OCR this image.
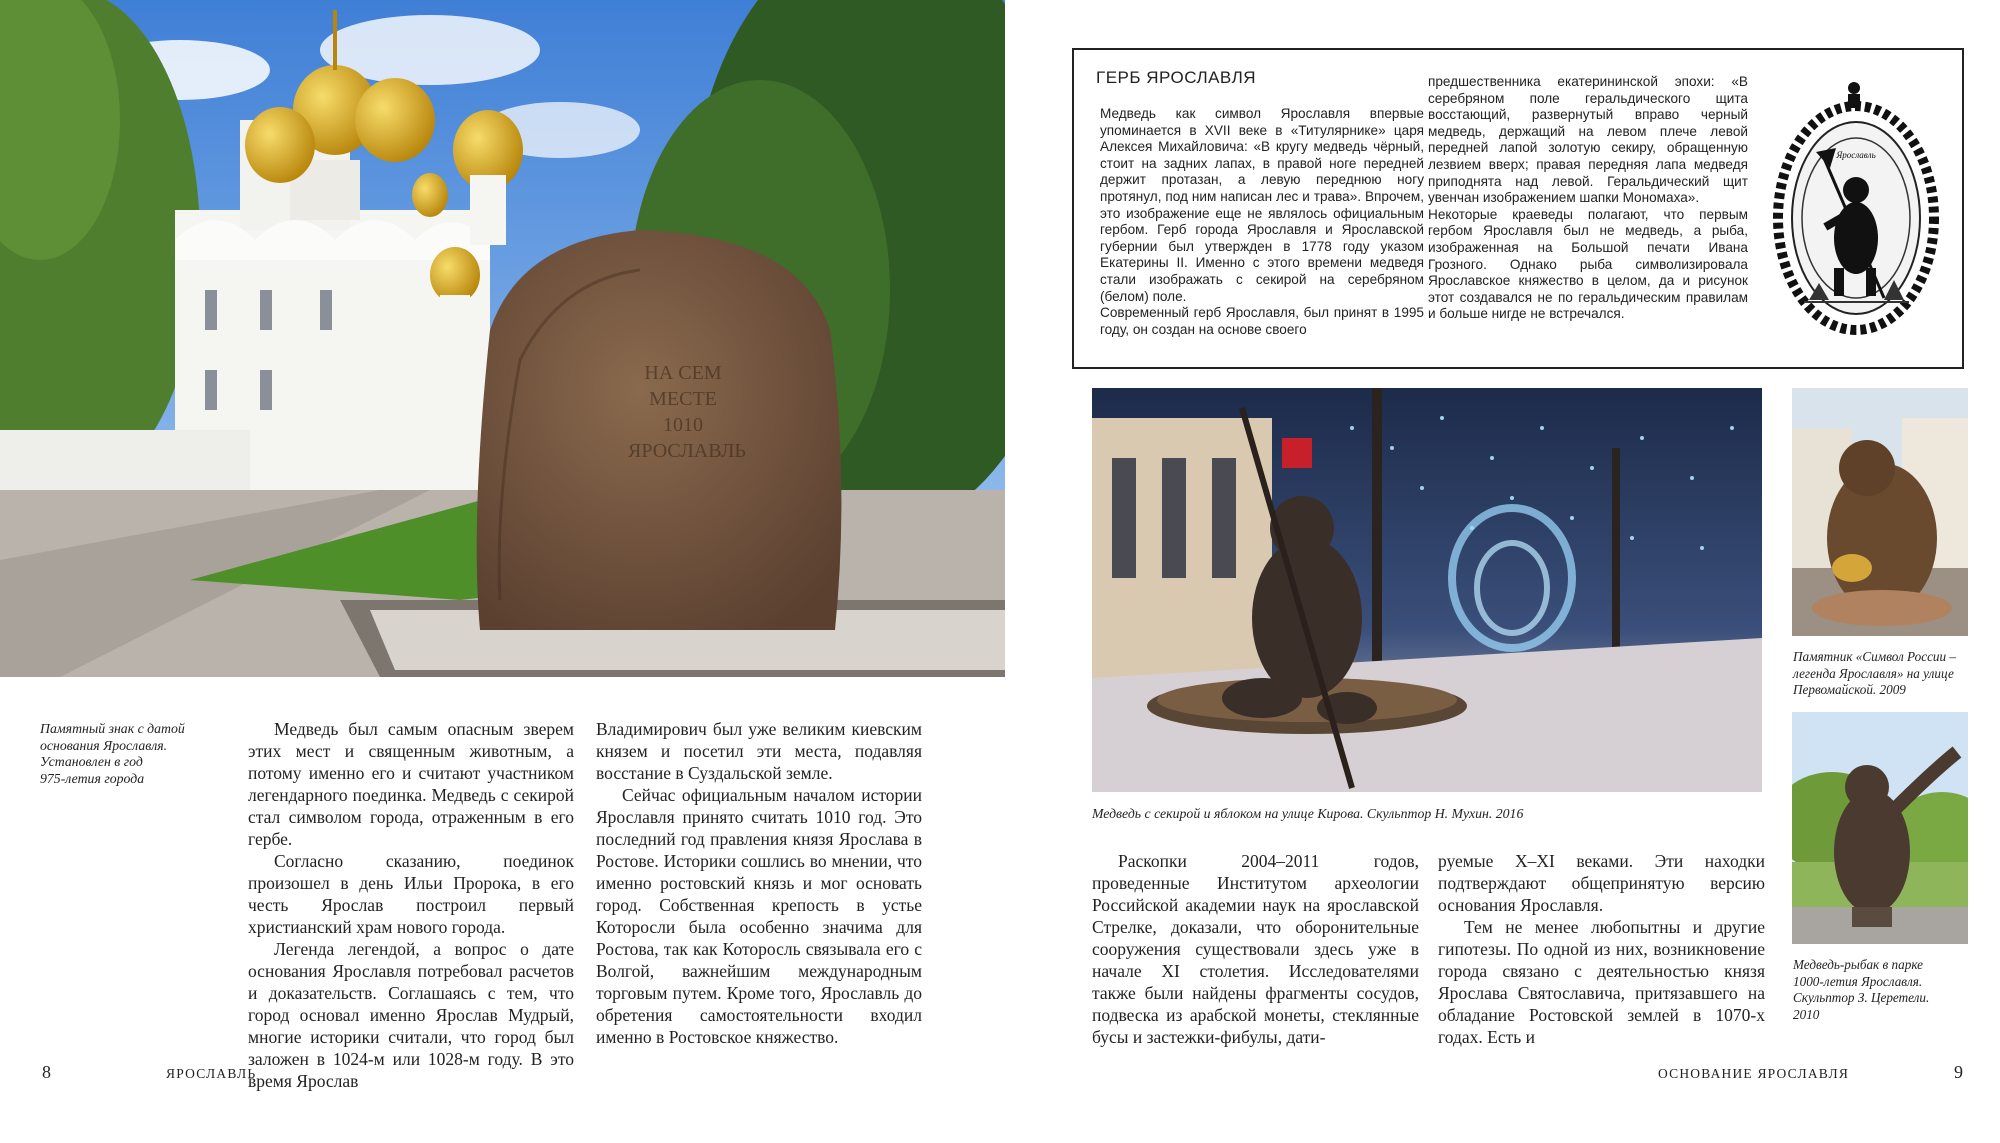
НА СЕМ МЕСТЕ 1010 ЯРОСЛАВЛЬ
Памятный знак с датой
основания Ярославля.
Установлен в год
975-летия города

Медведь был самым опасным зверем этих мест и священным животным, а потому именно его и считают участником легендарного поединка. Медведь с секирой стал символом города, отраженным в его гербе.

Согласно сказанию, поединок произошел в день Ильи Пророка, в его честь Ярослав построил первый христианский храм нового города.

Легенда легендой, а вопрос о дате основания Ярославля потребовал расчетов и доказательств. Соглашаясь с тем, что город основал именно Ярослав Мудрый, многие историки считали, что город был заложен в 1024-м или 1028-м году. В это время Ярослав

Владимирович был уже великим киевским князем и посетил эти места, подавляя восстание в Суздальской земле.

Сейчас официальным началом истории Ярославля принято считать 1010 год. Это последний год правления князя Ярослава в Ростове. Историки сошлись во мнении, что именно ростовский князь и мог основать город. Собственная крепость в устье Которосли была особенно значима для Ростова, так как Которосль связывала его с Волгой, важнейшим международным торговым путем. Кроме того, Ярославль до обретения самостоятельности входил именно в Ростовское княжество.

8	ЯРОСЛАВЛЬ
ГЕРБ ЯРОСЛАВЛЯ

Медведь как символ Ярославля впервые упоминается в XVII веке в «Титулярнике» царя Алексея Михайловича: «В кругу медведь чёрный, стоит на задних лапах, в правой ноге передней держит протазан, а левую переднюю ногу протянул, под ним написан лес и трава». Впрочем, это изображение еще не являлось официальным гербом. Герб города Ярославля и Ярославской губернии был утвержден в 1778 году указом Екатерины II. Именно с этого времени медведя стали изображать с секирой на серебряном (белом) поле.

Современный герб Ярославля, был принят в 1995 году, он создан на основе своего

предшественника екатерининской эпохи: «В серебряном поле геральдического щита восстающий, развернутый вправо черный медведь, держащий на левом плече левой передней лапой золотую секиру, обращенную лезвием вверх; правая передняя лапа медведя приподнята над левой. Геральдический щит увенчан изображением шапки Мономаха».

Некоторые краеведы полагают, что первым гербом Ярославля был не медведь, а рыба, изображенная на Большой печати Ивана Грозного. Однако рыба символизировала Ярославское княжество в целом, да и рисунок этот создавался не по геральдическим правилам и больше нигде не встречался.

Ярославль
Медведь с секирой и яблоком на улице Кирова. Скульптор Н. Мухин. 2016
Памятник «Символ России –
легенда Ярославля» на улице
Первомайской. 2009
Медведь-рыбак в парке
1000-летия Ярославля.
Скульптор З. Церетели.
2010

Раскопки 2004–2011 годов, проведенные Институтом археологии Российской академии наук на ярославской Стрелке, доказали, что оборонительные сооружения существовали здесь уже в начале XI столетия. Исследователями также были найдены фрагменты сосудов, подвеска из арабской монеты, стеклянные бусы и застежки-фибулы, дати-

руемые X–XI веками. Эти находки подтверждают общепринятую версию основания Ярославля.

Тем не менее любопытны и другие гипотезы. По одной из них, возникновение города связано с деятельностью князя Ярослава Святославича, притязавшего на обладание Ростовской землей в 1070-х годах. Есть и

ОСНОВАНИЕ ЯРОСЛАВЛЯ	9
